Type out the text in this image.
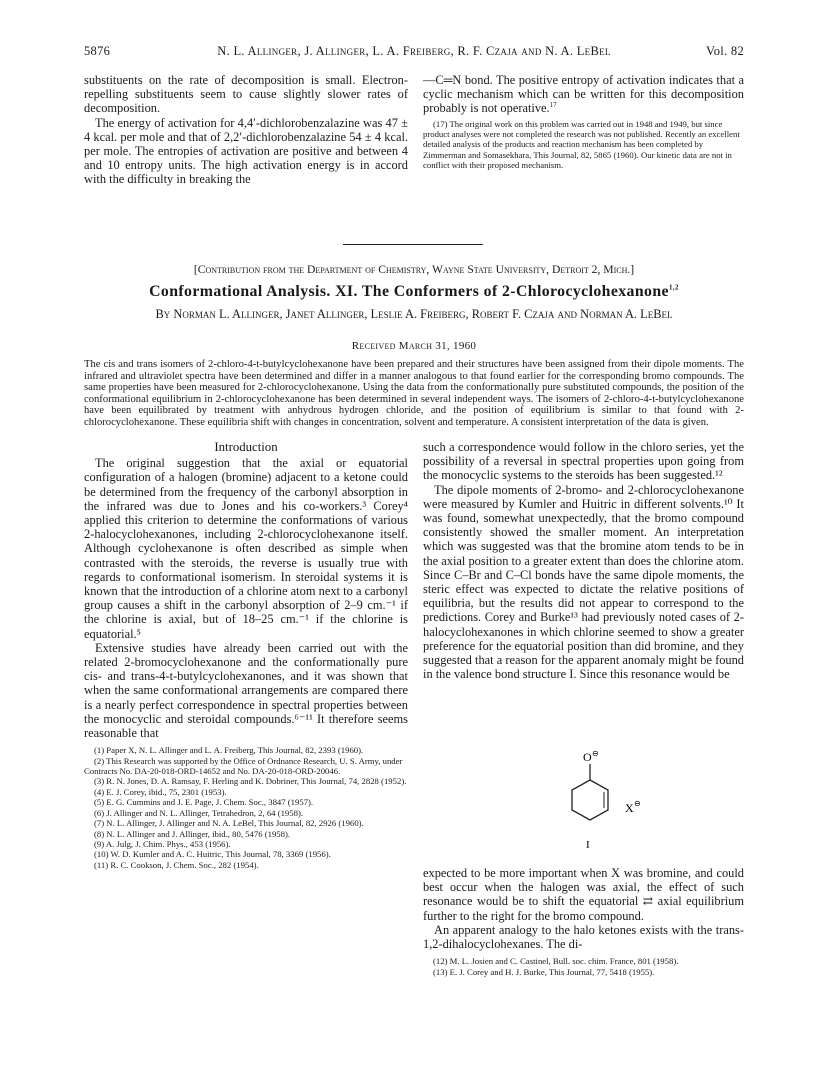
5876	N. L. Allinger, J. Allinger, L. A. Freiberg, R. F. Czaja and N. A. LeBel	Vol. 82

substituents on the rate of decomposition is small. Electron-repelling substituents seem to cause slightly slower rates of decomposition.

The energy of activation for 4,4′-dichlorobenzalazine was 47 ± 4 kcal. per mole and that of 2,2′-dichlorobenzalazine 54 ± 4 kcal. per mole. The entropies of activation are positive and between 4 and 10 entropy units. The high activation energy is in accord with the difficulty in breaking the

—C═N bond. The positive entropy of activation indicates that a cyclic mechanism which can be written for this decomposition probably is not operative.$^{17}$

(17) The original work on this problem was carried out in 1948 and 1949, but since product analyses were not completed the research was not published. Recently an excellent detailed analysis of the products and reaction mechanism has been completed by Zimmerman and Somasekhara, This Journal, 82, 5865 (1960). Our kinetic data are not in conflict with their proposed mechanism.

[Contribution from the Department of Chemistry, Wayne State University, Detroit 2, Mich.]
Conformational Analysis. XI. The Conformers of 2-Chlorocyclohexanone$^{1,2}$
By Norman L. Allinger, Janet Allinger, Leslie A. Freiberg, Robert F. Czaja and Norman A. LeBel
Received March 31, 1960
The cis and trans isomers of 2-chloro-4-t-butylcyclohexanone have been prepared and their structures have been assigned from their dipole moments. The infrared and ultraviolet spectra have been determined and differ in a manner analogous to that found earlier for the corresponding bromo compounds. The same properties have been measured for 2-chlorocyclohexanone. Using the data from the conformationally pure substituted compounds, the position of the conformational equilibrium in 2-chlorocyclohexanone has been determined in several independent ways. The isomers of 2-chloro-4-t-butylcyclohexanone have been equilibrated by treatment with anhydrous hydrogen chloride, and the position of equilibrium is similar to that found with 2-chlorocyclohexanone. These equilibria shift with changes in concentration, solvent and temperature. A consistent interpretation of the data is given.

Introduction

The original suggestion that the axial or equatorial configuration of a halogen (bromine) adjacent to a ketone could be determined from the frequency of the carbonyl absorption in the infrared was due to Jones and his co-workers.³ Corey⁴ applied this criterion to determine the conformations of various 2-halocyclohexanones, including 2-chlorocyclohexanone itself. Although cyclohexanone is often described as simple when contrasted with the steroids, the reverse is usually true with regards to conformational isomerism. In steroidal systems it is known that the introduction of a chlorine atom next to a carbonyl group causes a shift in the carbonyl absorption of 2–9 cm.⁻¹ if the chlorine is axial, but of 18–25 cm.⁻¹ if the chlorine is equatorial.⁵

Extensive studies have already been carried out with the related 2-bromocyclohexanone and the conformationally pure cis- and trans-4-t-butylcyclohexanones, and it was shown that when the same conformational arrangements are compared there is a nearly perfect correspondence in spectral properties between the monocyclic and steroidal compounds.⁶⁻¹¹ It therefore seems reasonable that

(1) Paper X, N. L. Allinger and L. A. Freiberg, This Journal, 82, 2393 (1960).

(2) This Research was supported by the Office of Ordnance Research, U. S. Army, under Contracts No. DA-20-018-ORD-14652 and No. DA-20-018-ORD-20046.

(3) R. N. Jones, D. A. Ramsay, F. Herling and K. Dobriner, This Journal, 74, 2828 (1952).

(4) E. J. Corey, ibid., 75, 2301 (1953).

(5) E. G. Cummins and J. E. Page, J. Chem. Soc., 3847 (1957).

(6) J. Allinger and N. L. Allinger, Tetrahedron, 2, 64 (1958).

(7) N. L. Allinger, J. Allinger and N. A. LeBel, This Journal, 82, 2926 (1960).

(8) N. L. Allinger and J. Allinger, ibid., 80, 5476 (1958).

(9) A. Julg, J. Chim. Phys., 453 (1956).

(10) W. D. Kumler and A. C. Huitric, This Journal, 78, 3369 (1956).

(11) R. C. Cookson, J. Chem. Soc., 282 (1954).

such a correspondence would follow in the chloro series, yet the possibility of a reversal in spectral properties upon going from the monocyclic systems to the steroids has been suggested.¹²

The dipole moments of 2-bromo- and 2-chlorocyclohexanone were measured by Kumler and Huitric in different solvents.¹⁰ It was found, somewhat unexpectedly, that the bromo compound consistently showed the smaller moment. An interpretation which was suggested was that the bromine atom tends to be in the axial position to a greater extent than does the chlorine atom. Since C–Br and C–Cl bonds have the same dipole moments, the steric effect was expected to dictate the relative positions of equilibria, but the results did not appear to correspond to the predictions. Corey and Burke¹³ had previously noted cases of 2-halocyclohexanones in which chlorine seemed to show a greater preference for the equatorial position than did bromine, and they suggested that a reason for the apparent anomaly might be found in the valence bond structure I. Since this resonance would be

O ⊖
X ⊖
I

expected to be more important when X was bromine, and could best occur when the halogen was axial, the effect of such resonance would be to shift the equatorial ⇄ axial equilibrium further to the right for the bromo compound.

An apparent analogy to the halo ketones exists with the trans-1,2-dihalocyclohexanes. The di-

(12) M. L. Josien and C. Castinel, Bull. soc. chim. France, 801 (1958).

(13) E. J. Corey and H. J. Burke, This Journal, 77, 5418 (1955).
